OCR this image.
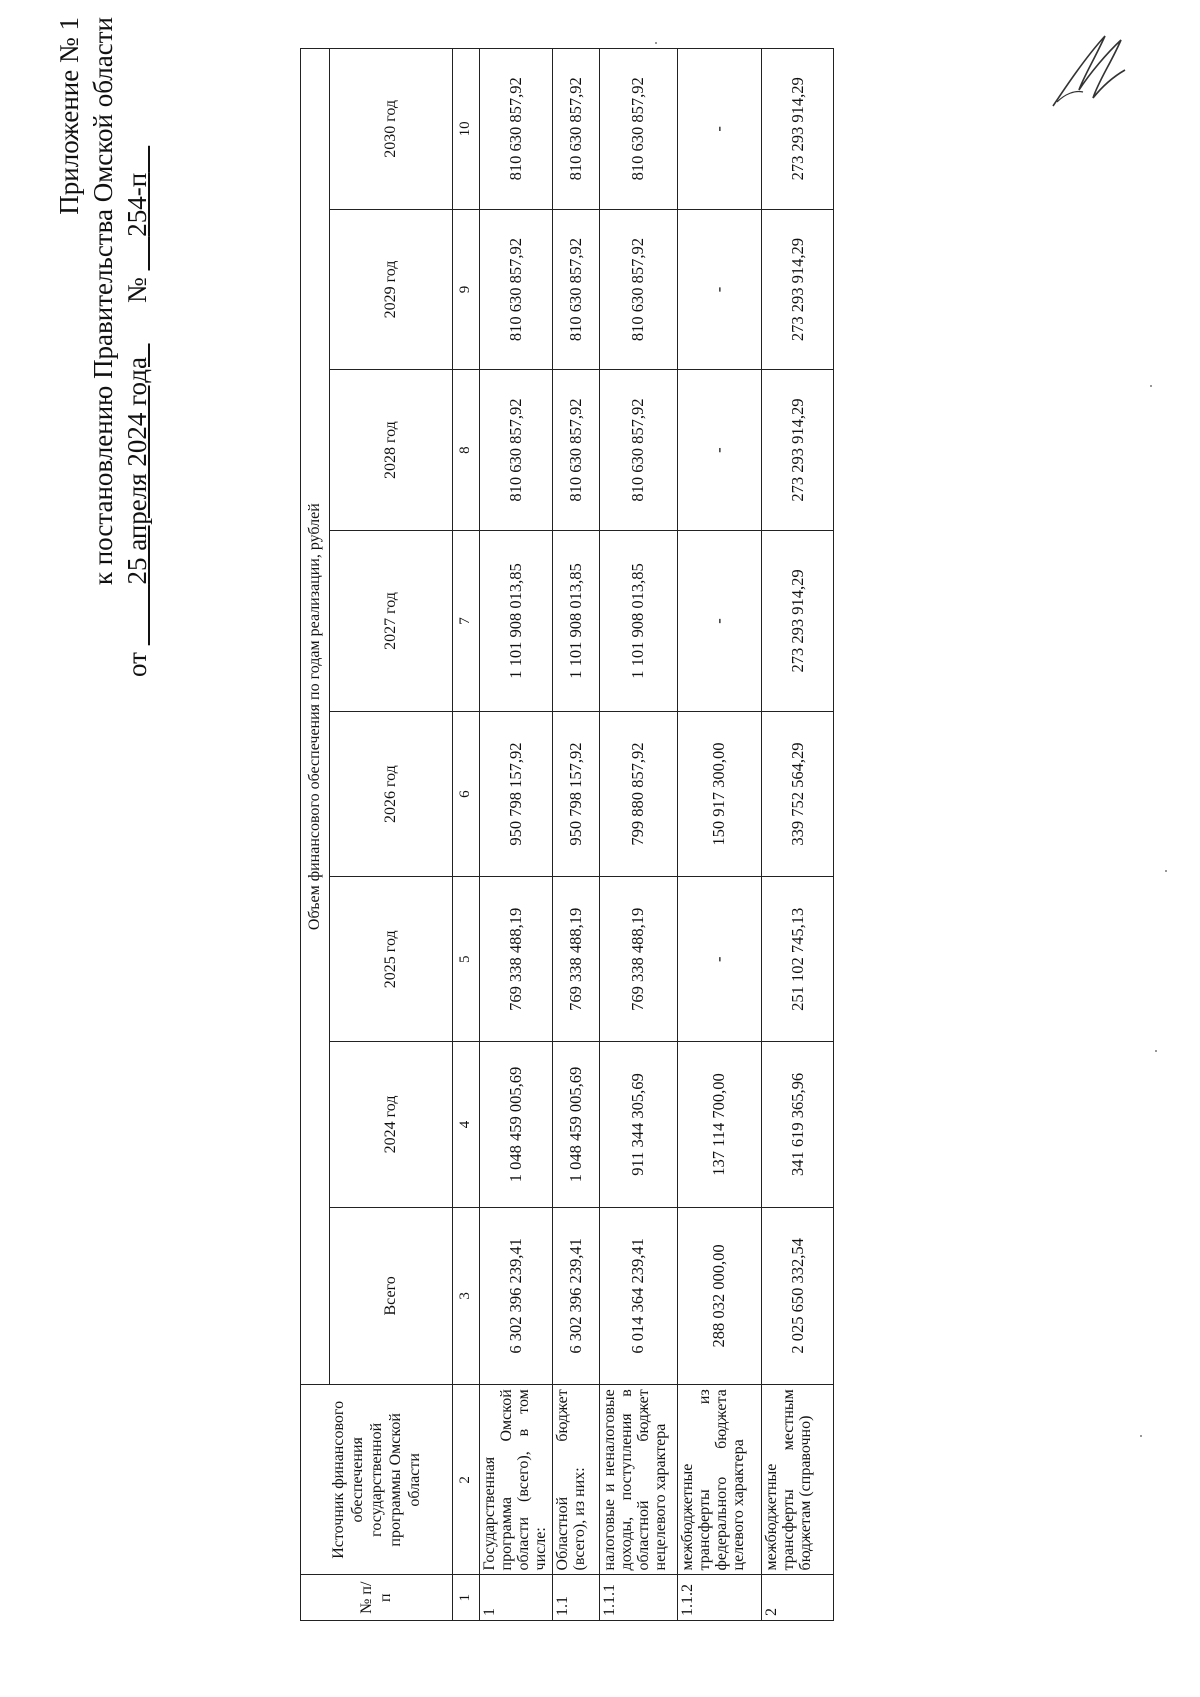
Приложение № 1 к постановлению Правительства Омской области
от          25 апреля 2024 года        №      254-п
№ п/п	Источник финансового обеспечения государственной программы Омской области	Объем финансового обеспечения по годам реализации, рублей							
		Всего	2024 год	2025 год	2026 год	2027 год	2028 год	2029 год	2030 год
1	2	3	4	5	6	7	8	9	10
1	Государственная программа Омской области (всего), в том числе:	6 302 396 239,41	1 048 459 005,69	769 338 488,19	950 798 157,92	1 101 908 013,85	810 630 857,92	810 630 857,92	810 630 857,92
1.1	Областной бюджет (всего), из них:	6 302 396 239,41	1 048 459 005,69	769 338 488,19	950 798 157,92	1 101 908 013,85	810 630 857,92	810 630 857,92	810 630 857,92
1.1.1	налоговые и неналоговые доходы, поступления в областной бюджет нецелевого характера	6 014 364 239,41	911 344 305,69	769 338 488,19	799 880 857,92	1 101 908 013,85	810 630 857,92	810 630 857,92	810 630 857,92
1.1.2	межбюджетные трансферты из федерального бюджета целевого характера	288 032 000,00	137 114 700,00	-	150 917 300,00	-	-	-	-
2	межбюджетные трансферты местным бюджетам (справочно)	2 025 650 332,54	341 619 365,96	251 102 745,13	339 752 564,29	273 293 914,29	273 293 914,29	273 293 914,29	273 293 914,29
